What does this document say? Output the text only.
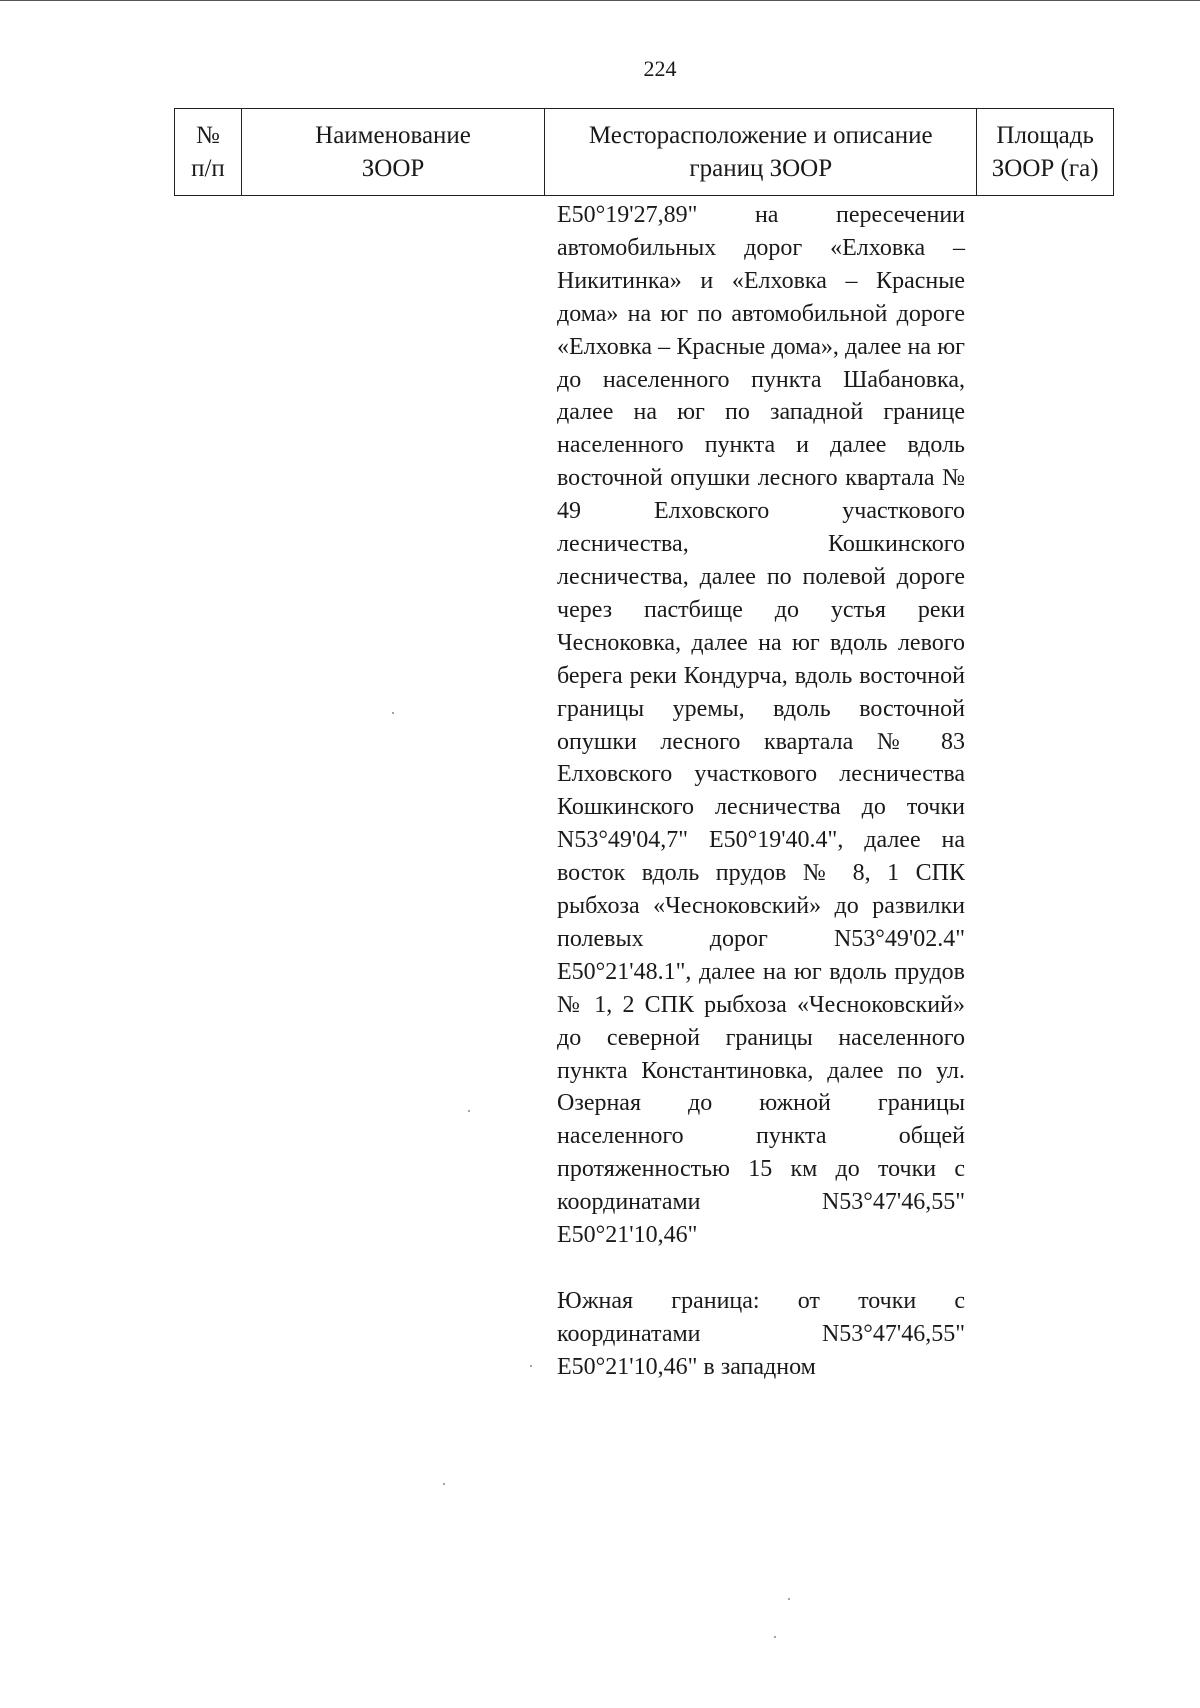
224
№
п/п
Наименование
ЗООР
Месторасположение и описание
границ ЗООР
Площадь
ЗООР (га)

E50°19'27,89" на пересечении автомобильных дорог «Елховка – Никитинка» и «Елховка – Красные дома» на юг по автомобильной дороге «Елховка – Красные дома», далее на юг до населенного пункта Шабановка, далее на юг по западной границе населенного пункта и далее вдоль восточной опушки лесного квартала № 49 Елховского участкового лесничества, Кошкинского лесничества, далее по полевой дороге через пастбище до устья реки Чесноковка, далее на юг вдоль левого берега реки Кондурча, вдоль восточной границы уремы, вдоль восточной опушки лесного квартала № 83 Елховского участкового лесничества Кошкинского лесничества до точки N53°49'04,7" E50°19'40.4", далее на восток вдоль прудов № 8, 1 СПК рыбхоза «Чесноковский» до развилки полевых дорог N53°49'02.4" E50°21'48.1", далее на юг вдоль прудов № 1, 2 СПК рыбхоза «Чесноковский» до северной границы населенного пункта Константиновка, далее по ул. Озерная до южной границы населенного пункта общей протяженностью 15 км до точки с координатами N53°47'46,55" E50°21'10,46"

Южная граница: от точки с координатами N53°47'46,55" E50°21'10,46" в западном
